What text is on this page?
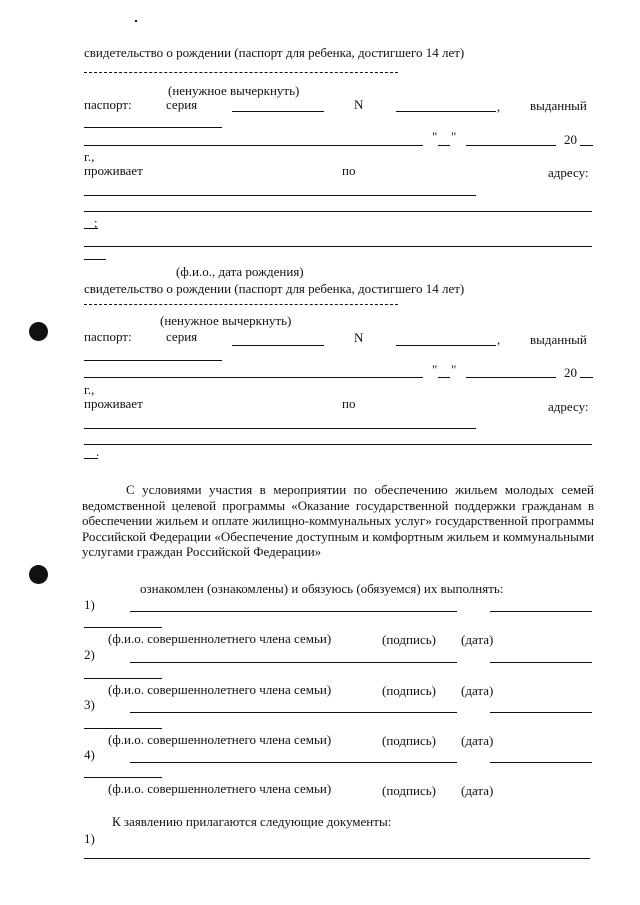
свидетельство о рождении (паспорт для ребенка, достигшего 14 лет)
(ненужное вычеркнуть)
паспорт:	серия	N	, выданный
" "	20
г.,
проживает	по	адресу:
;
(ф.и.о., дата рождения)
свидетельство о рождении (паспорт для ребенка, достигшего 14 лет)
(ненужное вычеркнуть)
паспорт:	серия	N	, выданный
" "	20
г.,
проживает	по	адресу:
.
С условиями участия в мероприятии по обеспечению жильем молодых семей ведомственной целевой программы «Оказание государственной поддержки гражданам в обеспечении жильем и оплате жилищно-коммунальных услуг» государственной программы Российской Федерации «Обеспечение доступным и комфортным жильем и коммунальными услугами граждан Российской Федерации»
ознакомлен (ознакомлены) и обязуюсь (обязуемся) их выполнять:
1)
(ф.и.о. совершеннолетнего члена семьи)	(подпись) (дата)
2)
(ф.и.о. совершеннолетнего члена семьи)	(подпись) (дата)
3)
(ф.и.о. совершеннолетнего члена семьи)	(подпись) (дата)
4)
(ф.и.о. совершеннолетнего члена семьи)	(подпись) (дата)
К заявлению прилагаются следующие документы:
1)
